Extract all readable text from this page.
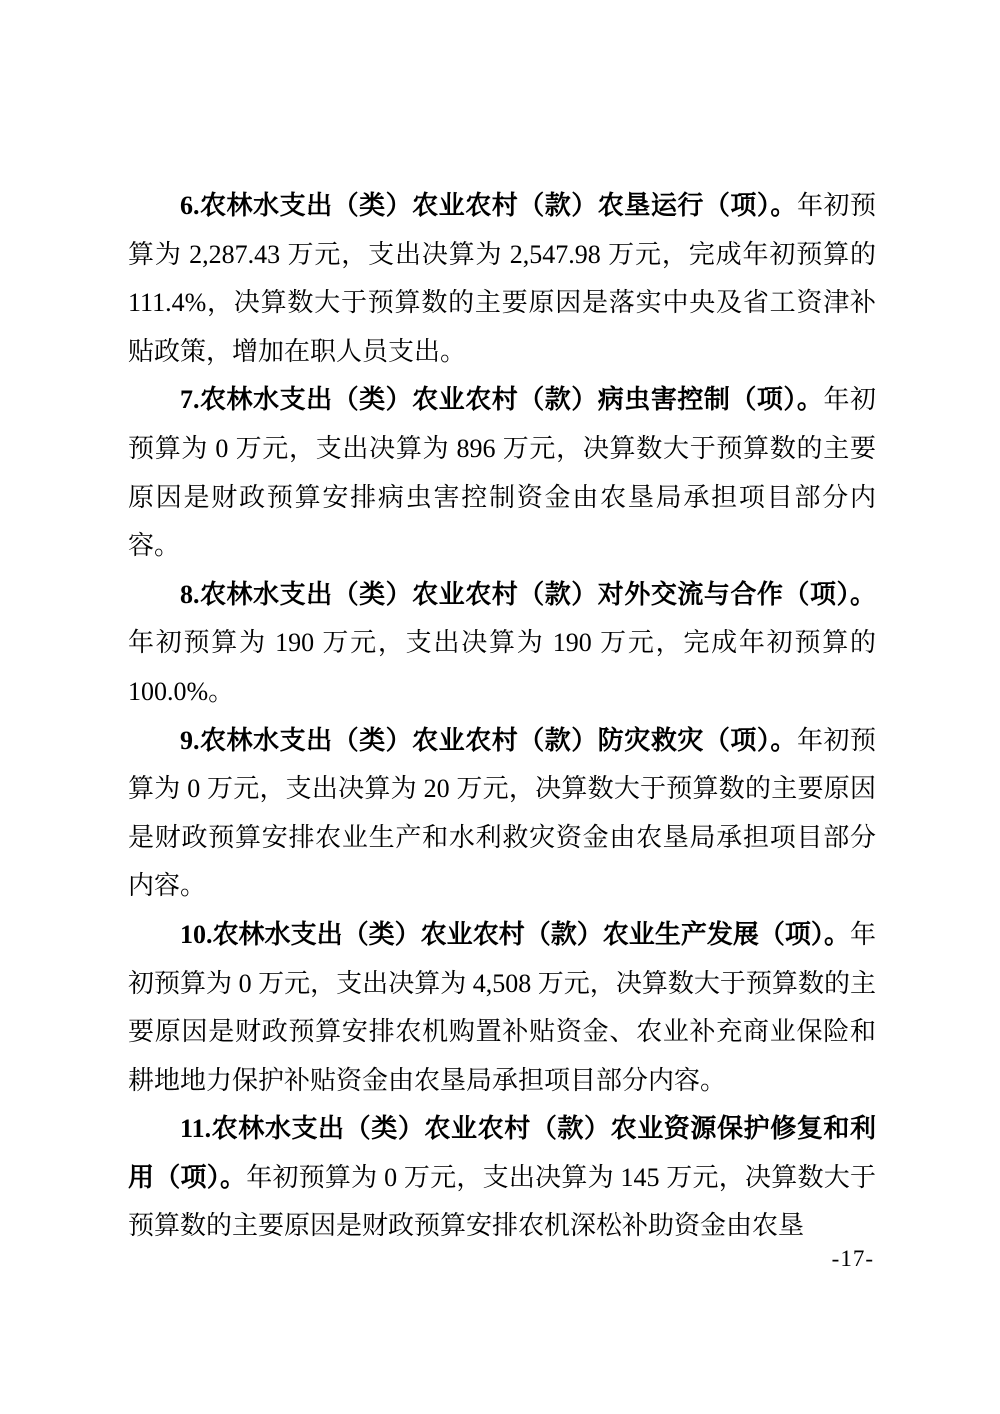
6.农林水支出（类）农业农村（款）农垦运行（项）。年初预算为 2,287.43 万元，支出决算为 2,547.98 万元，完成年初预算的 111.4%，决算数大于预算数的主要原因是落实中央及省工资津补贴政策，增加在职人员支出。

7.农林水支出（类）农业农村（款）病虫害控制（项）。年初预算为 0 万元，支出决算为 896 万元，决算数大于预算数的主要原因是财政预算安排病虫害控制资金由农垦局承担项目部分内容。

8.农林水支出（类）农业农村（款）对外交流与合作（项）。年初预算为 190 万元，支出决算为 190 万元，完成年初预算的 100.0%。

9.农林水支出（类）农业农村（款）防灾救灾（项）。年初预算为 0 万元，支出决算为 20 万元，决算数大于预算数的主要原因是财政预算安排农业生产和水利救灾资金由农垦局承担项目部分内容。

10.农林水支出（类）农业农村（款）农业生产发展（项）。年初预算为 0 万元，支出决算为 4,508 万元，决算数大于预算数的主要原因是财政预算安排农机购置补贴资金、农业补充商业保险和耕地地力保护补贴资金由农垦局承担项目部分内容。

11.农林水支出（类）农业农村（款）农业资源保护修复和利用（项）。年初预算为 0 万元，支出决算为 145 万元，决算数大于预算数的主要原因是财政预算安排农机深松补助资金由农垦

-17-
